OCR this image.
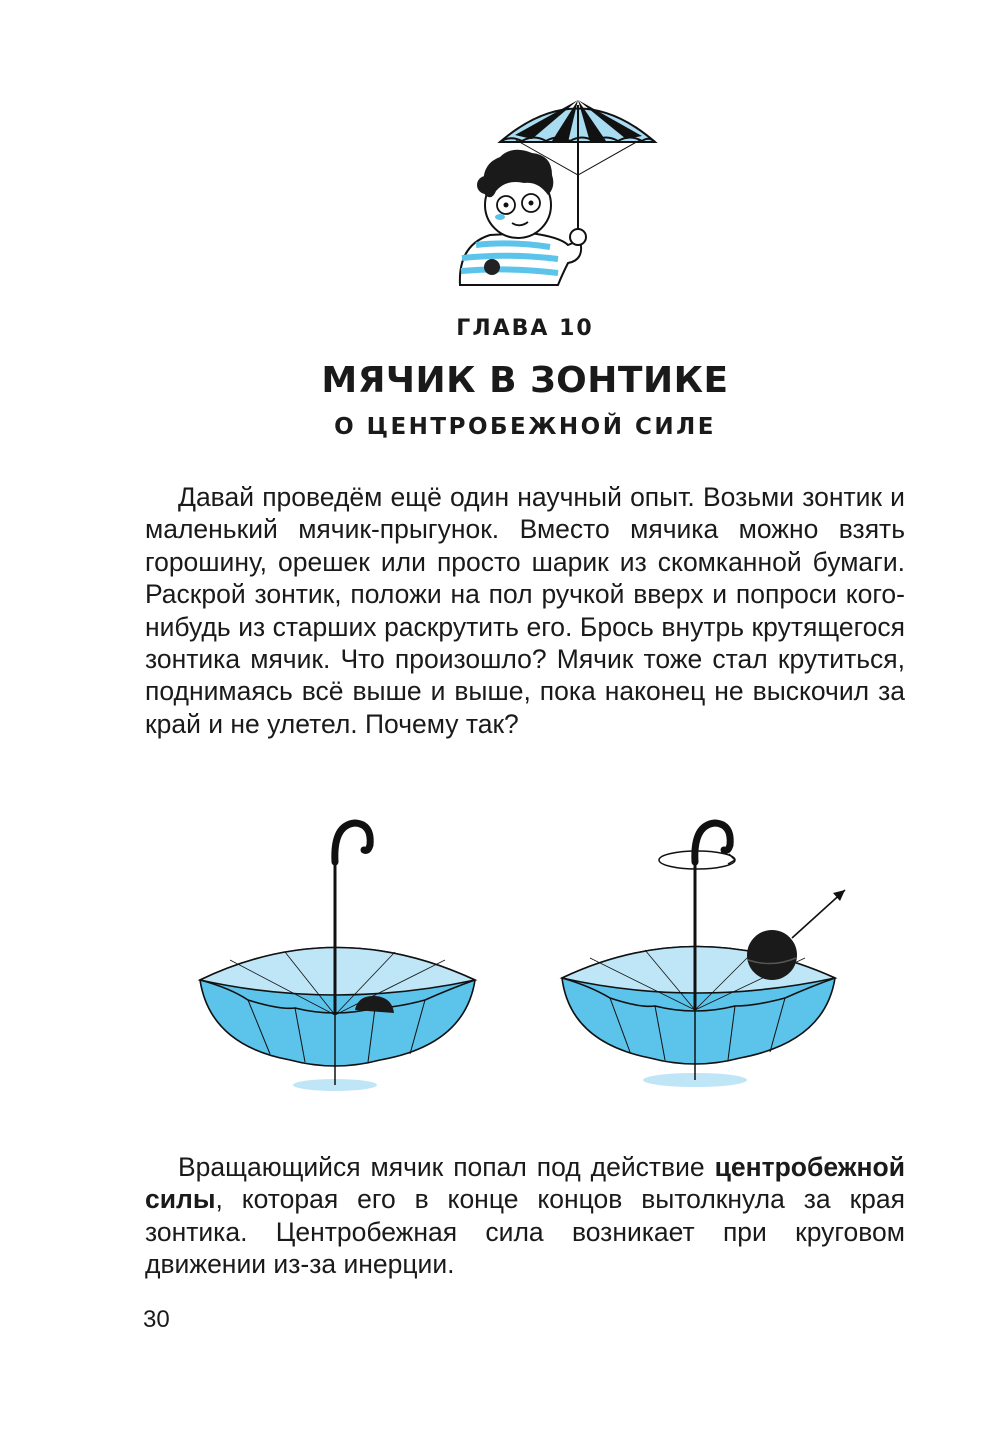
ГЛАВА 10
МЯЧИК В ЗОНТИКЕ
О ЦЕНТРОБЕЖНОЙ СИЛЕ

Давай проведём ещё один научный опыт. Возьми зонтик и маленький мячик-прыгунок. Вместо мячика можно взять горошину, орешек или просто шарик из скомканной бумаги. Раскрой зонтик, положи на пол ручкой вверх и попроси кого-нибудь из старших раскрутить его. Брось внутрь крутящегося зонтика мячик. Что произошло? Мячик тоже стал крутиться, поднимаясь всё выше и выше, пока наконец не выскочил за край и не улетел. Почему так?

Вращающийся мячик попал под действие центробежной силы, которая его в конце концов вытолкнула за края зонтика. Центробежная сила возникает при круговом движении из-за инерции.

30
